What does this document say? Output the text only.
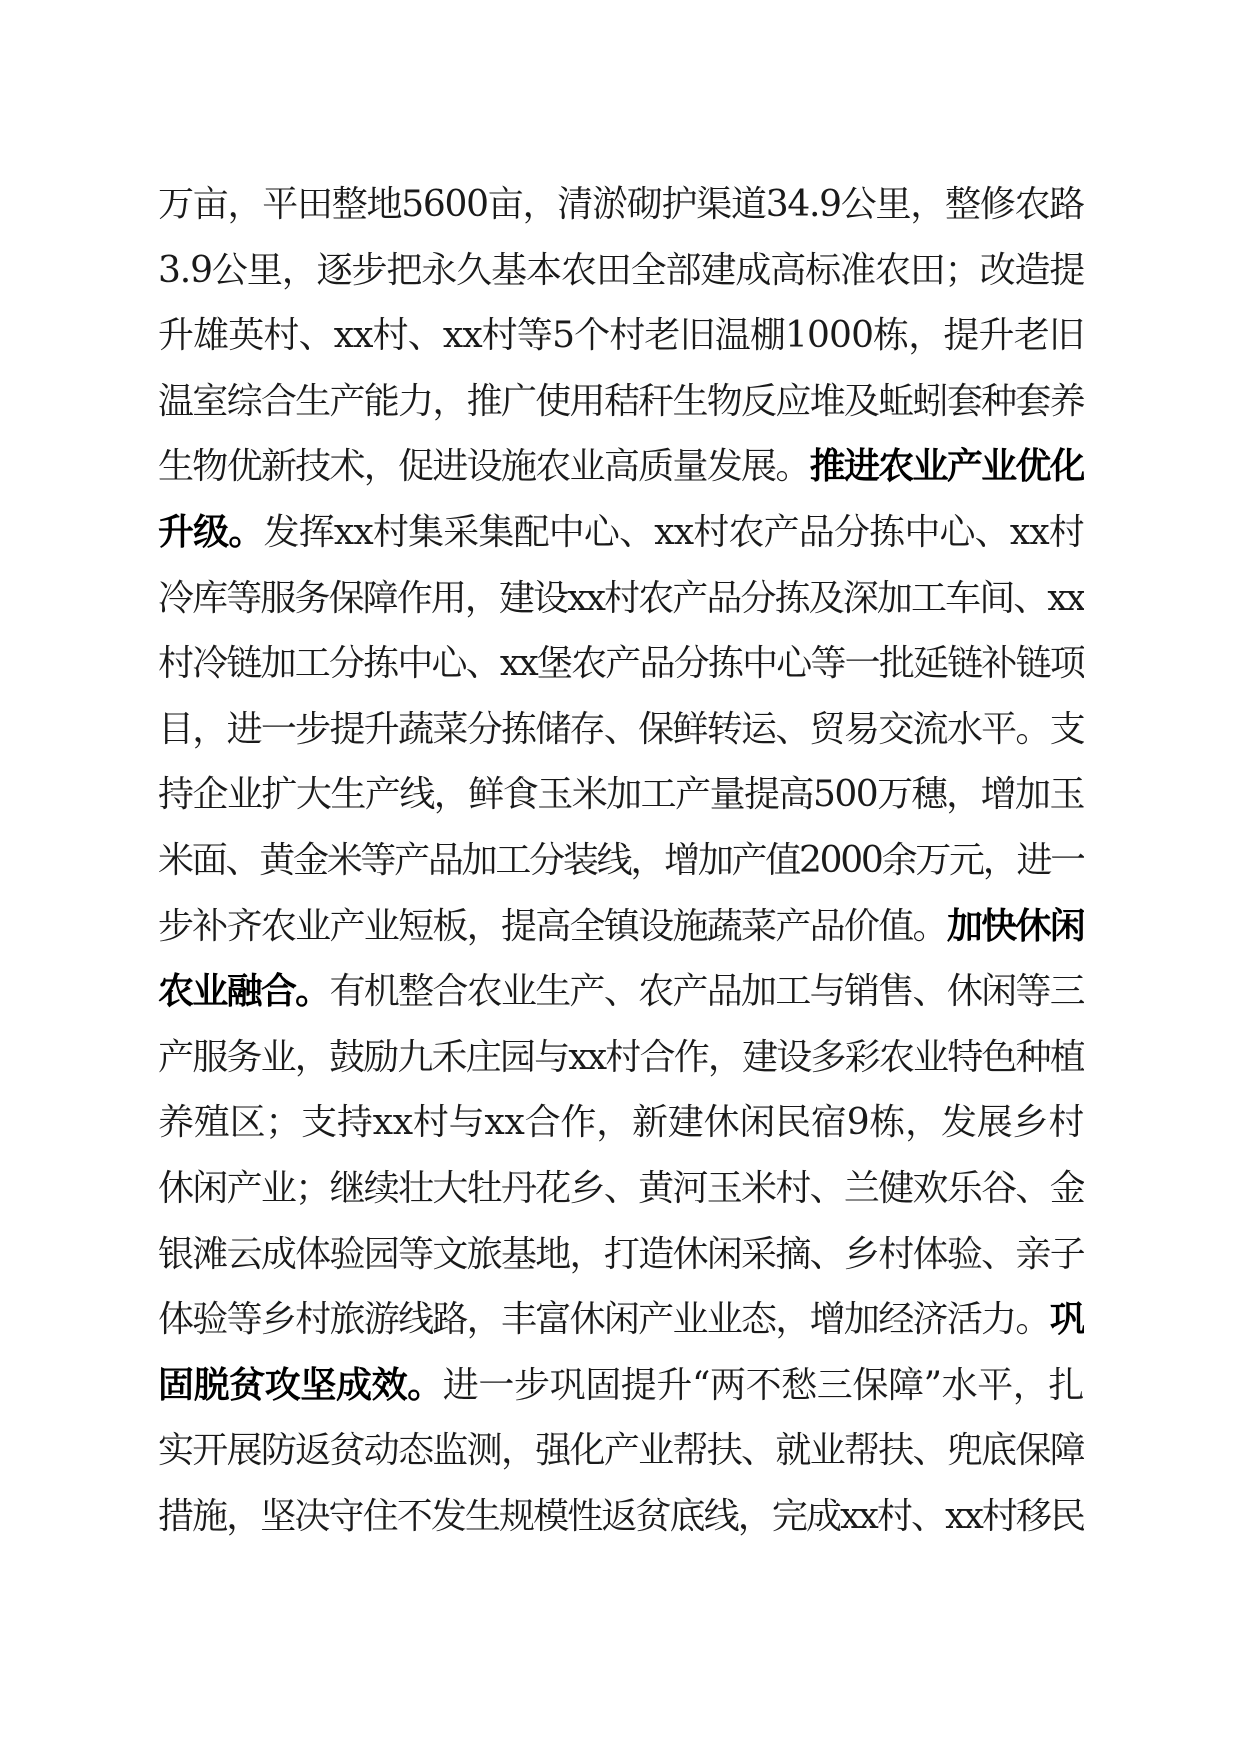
万亩，平田整地5600亩，清淤砌护渠道34.9公里，整修农路
3.9公里，逐步把永久基本农田全部建成高标准农田；改造提
升雄英村、xx村、xx村等5个村老旧温棚1000栋，提升老旧
温室综合生产能力，推广使用秸秆生物反应堆及蚯蚓套种套养
生物优新技术，促进设施农业高质量发展。推进农业产业优化
升级。发挥xx村集采集配中心、xx村农产品分拣中心、xx村
冷库等服务保障作用，建设xx村农产品分拣及深加工车间、xx
村冷链加工分拣中心、xx堡农产品分拣中心等一批延链补链项
目，进一步提升蔬菜分拣储存、保鲜转运、贸易交流水平。支
持企业扩大生产线，鲜食玉米加工产量提高500万穗，增加玉
米面、黄金米等产品加工分装线，增加产值2000余万元，进一
步补齐农业产业短板，提高全镇设施蔬菜产品价值。加快休闲
农业融合。有机整合农业生产、农产品加工与销售、休闲等三
产服务业，鼓励九禾庄园与xx村合作，建设多彩农业特色种植
养殖区；支持xx村与xx合作，新建休闲民宿9栋，发展乡村
休闲产业；继续壮大牡丹花乡、黄河玉米村、兰健欢乐谷、金
银滩云成体验园等文旅基地，打造休闲采摘、乡村体验、亲子
体验等乡村旅游线路，丰富休闲产业业态，增加经济活力。巩
固脱贫攻坚成效。进一步巩固提升“两不愁三保障”水平，扎
实开展防返贫动态监测，强化产业帮扶、就业帮扶、兜底保障
措施，坚决守住不发生规模性返贫底线，完成xx村、xx村移民
